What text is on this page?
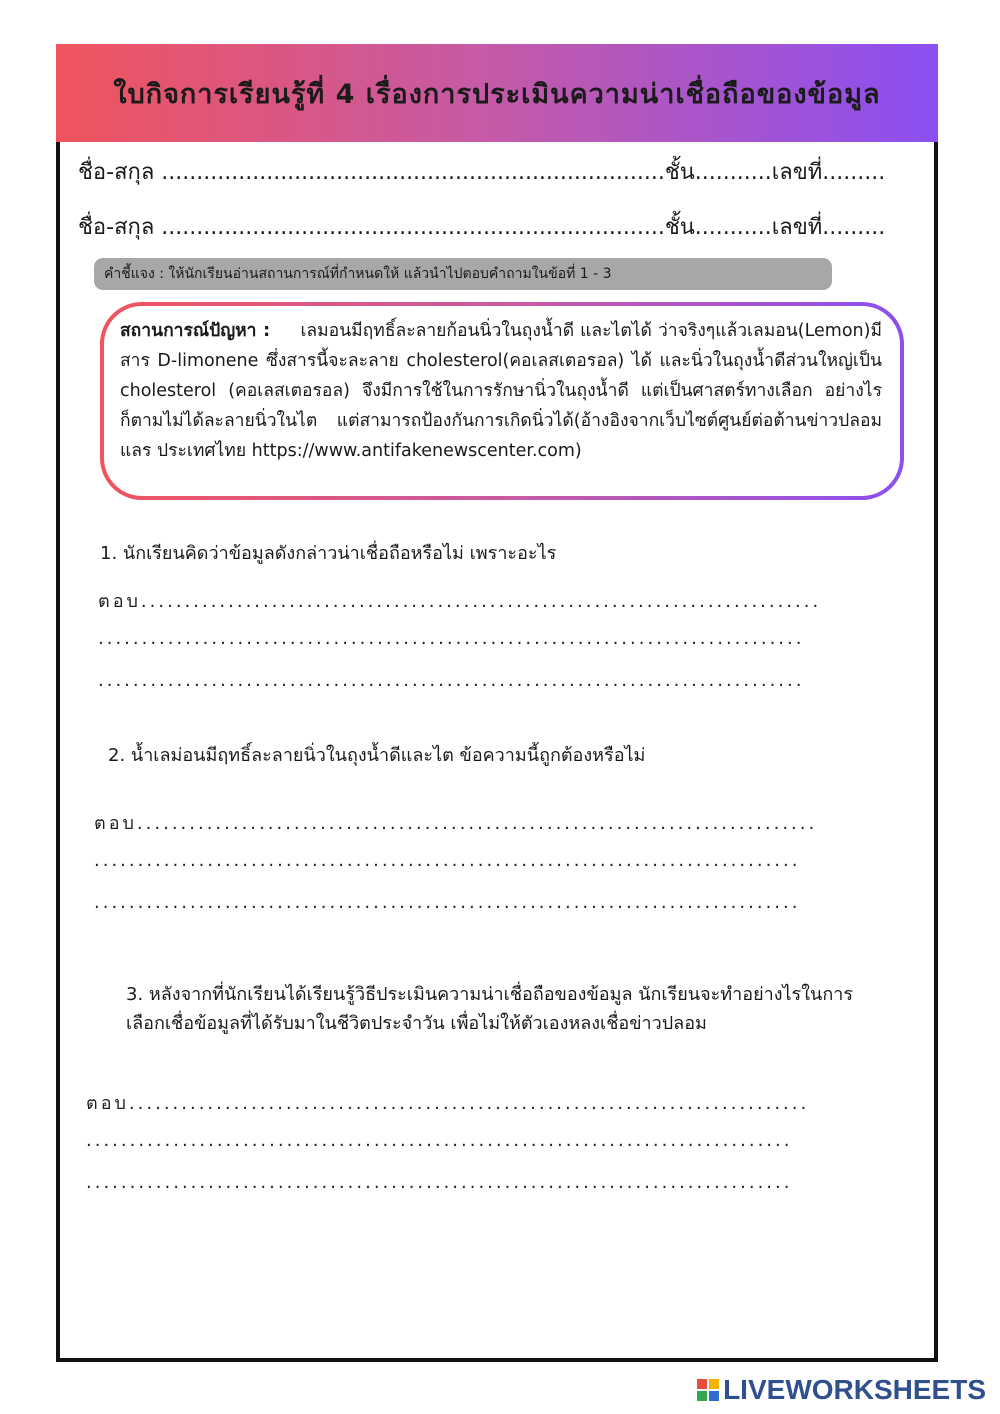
ใบกิจการเรียนรู้ที่ 4 เรื่องการประเมินความน่าเชื่อถือของข้อมูล
ชื่อ-สกุล ........................................................................ชั้น...........เลขที่.........
ชื่อ-สกุล ........................................................................ชั้น...........เลขที่.........
คำชี้แจง : ให้นักเรียนอ่านสถานการณ์ที่กำหนดให้ แล้วนำไปตอบคำถามในข้อที่ 1 - 3
สถานการณ์ปัญหา : เลมอนมีฤทธิ์ละลายก้อนนิ่วในถุงน้ำดี และไตได้ ว่าจริงๆแล้วเลมอน(Lemon)มีสาร D-limonene ซึ่งสารนี้จะละลาย cholesterol(คอเลสเตอรอล) ได้ และนิ่วในถุงน้ำดีส่วนใหญ่เป็น cholesterol (คอเลสเตอรอล) จึงมีการใช้ในการรักษานิ่วในถุงน้ำดี แต่เป็นศาสตร์ทางเลือก อย่างไรก็ตามไม่ได้ละลายนิ่วในไต แต่สามารถป้องกันการเกิดนิ่วได้(อ้างอิงจากเว็บไซต์ศูนย์ต่อต้านข่าวปลอมแลร ประเทศไทย https://www.antifakenewscenter.com)
1. นักเรียนคิดว่าข้อมูลดังกล่าวน่าเชื่อถือหรือไม่ เพราะอะไร
ตอบ..............................................................................
.................................................................................
.................................................................................
2. น้ำเลม่อนมีฤทธิ์ละลายนิ่วในถุงน้ำดีและไต ข้อความนี้ถูกต้องหรือไม่
ตอบ..............................................................................
.................................................................................
.................................................................................
3. หลังจากที่นักเรียนได้เรียนรู้วิธีประเมินความน่าเชื่อถือของข้อมูล นักเรียนจะทำอย่างไรในการเลือกเชื่อข้อมูลที่ได้รับมาในชีวิตประจำวัน เพื่อไม่ให้ตัวเองหลงเชื่อข่าวปลอม
ตอบ..............................................................................
.................................................................................
.................................................................................
LIVEWORKSHEETS
